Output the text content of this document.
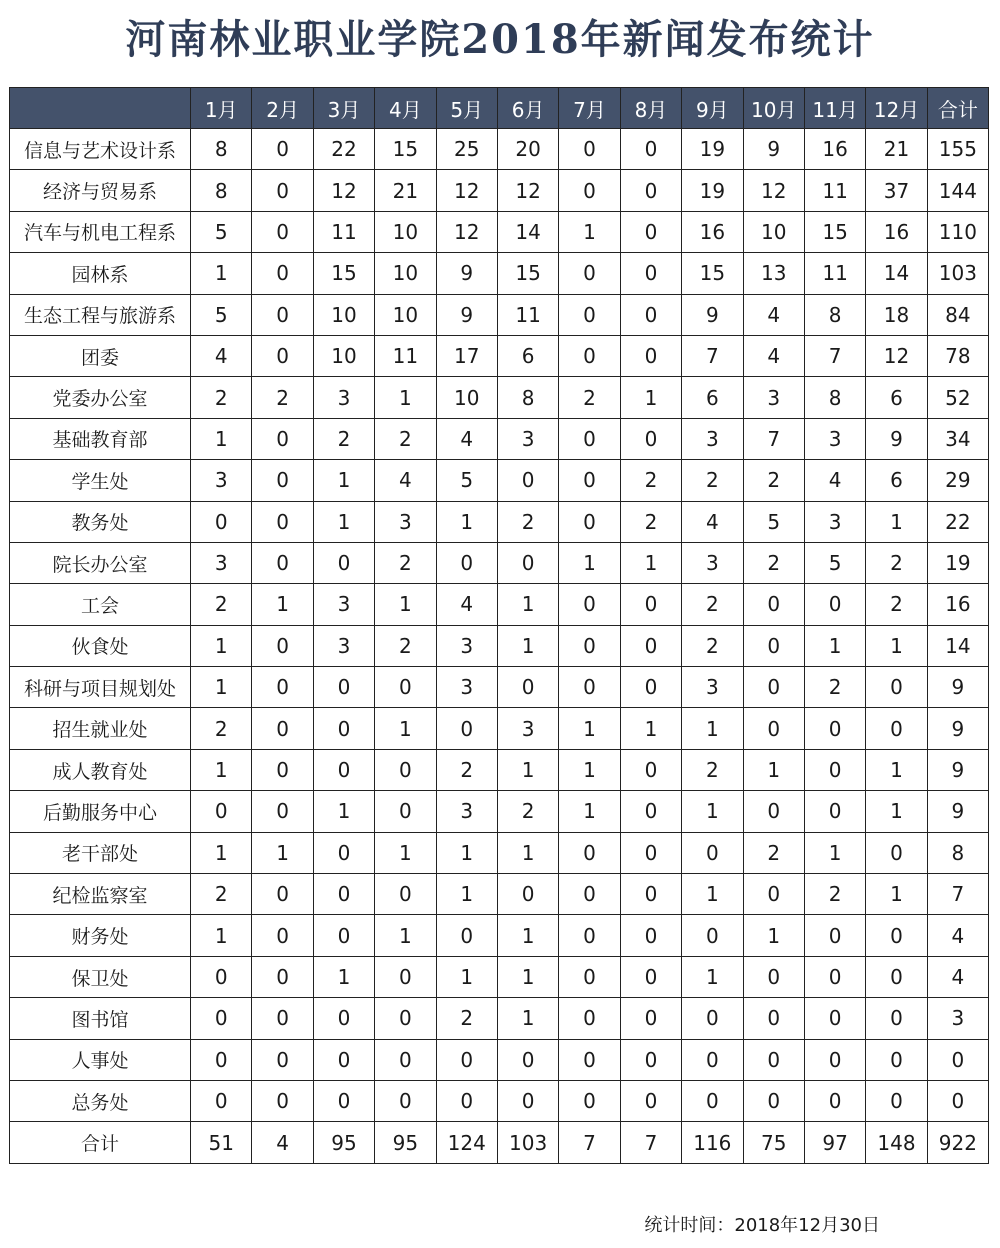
河南林业职业学院2018年新闻发布统计
	1月	2月	3月	4月	5月	6月	7月	8月	9月	10月	11月	12月	合计
信息与艺术设计系	8	0	22	15	25	20	0	0	19	9	16	21	155
经济与贸易系	8	0	12	21	12	12	0	0	19	12	11	37	144
汽车与机电工程系	5	0	11	10	12	14	1	0	16	10	15	16	110
园林系	1	0	15	10	9	15	0	0	15	13	11	14	103
生态工程与旅游系	5	0	10	10	9	11	0	0	9	4	8	18	84
团委	4	0	10	11	17	6	0	0	7	4	7	12	78
党委办公室	2	2	3	1	10	8	2	1	6	3	8	6	52
基础教育部	1	0	2	2	4	3	0	0	3	7	3	9	34
学生处	3	0	1	4	5	0	0	2	2	2	4	6	29
教务处	0	0	1	3	1	2	0	2	4	5	3	1	22
院长办公室	3	0	0	2	0	0	1	1	3	2	5	2	19
工会	2	1	3	1	4	1	0	0	2	0	0	2	16
伙食处	1	0	3	2	3	1	0	0	2	0	1	1	14
科研与项目规划处	1	0	0	0	3	0	0	0	3	0	2	0	9
招生就业处	2	0	0	1	0	3	1	1	1	0	0	0	9
成人教育处	1	0	0	0	2	1	1	0	2	1	0	1	9
后勤服务中心	0	0	1	0	3	2	1	0	1	0	0	1	9
老干部处	1	1	0	1	1	1	0	0	0	2	1	0	8
纪检监察室	2	0	0	0	1	0	0	0	1	0	2	1	7
财务处	1	0	0	1	0	1	0	0	0	1	0	0	4
保卫处	0	0	1	0	1	1	0	0	1	0	0	0	4
图书馆	0	0	0	0	2	1	0	0	0	0	0	0	3
人事处	0	0	0	0	0	0	0	0	0	0	0	0	0
总务处	0	0	0	0	0	0	0	0	0	0	0	0	0
合计	51	4	95	95	124	103	7	7	116	75	97	148	922
统计时间：2018年12月30日
